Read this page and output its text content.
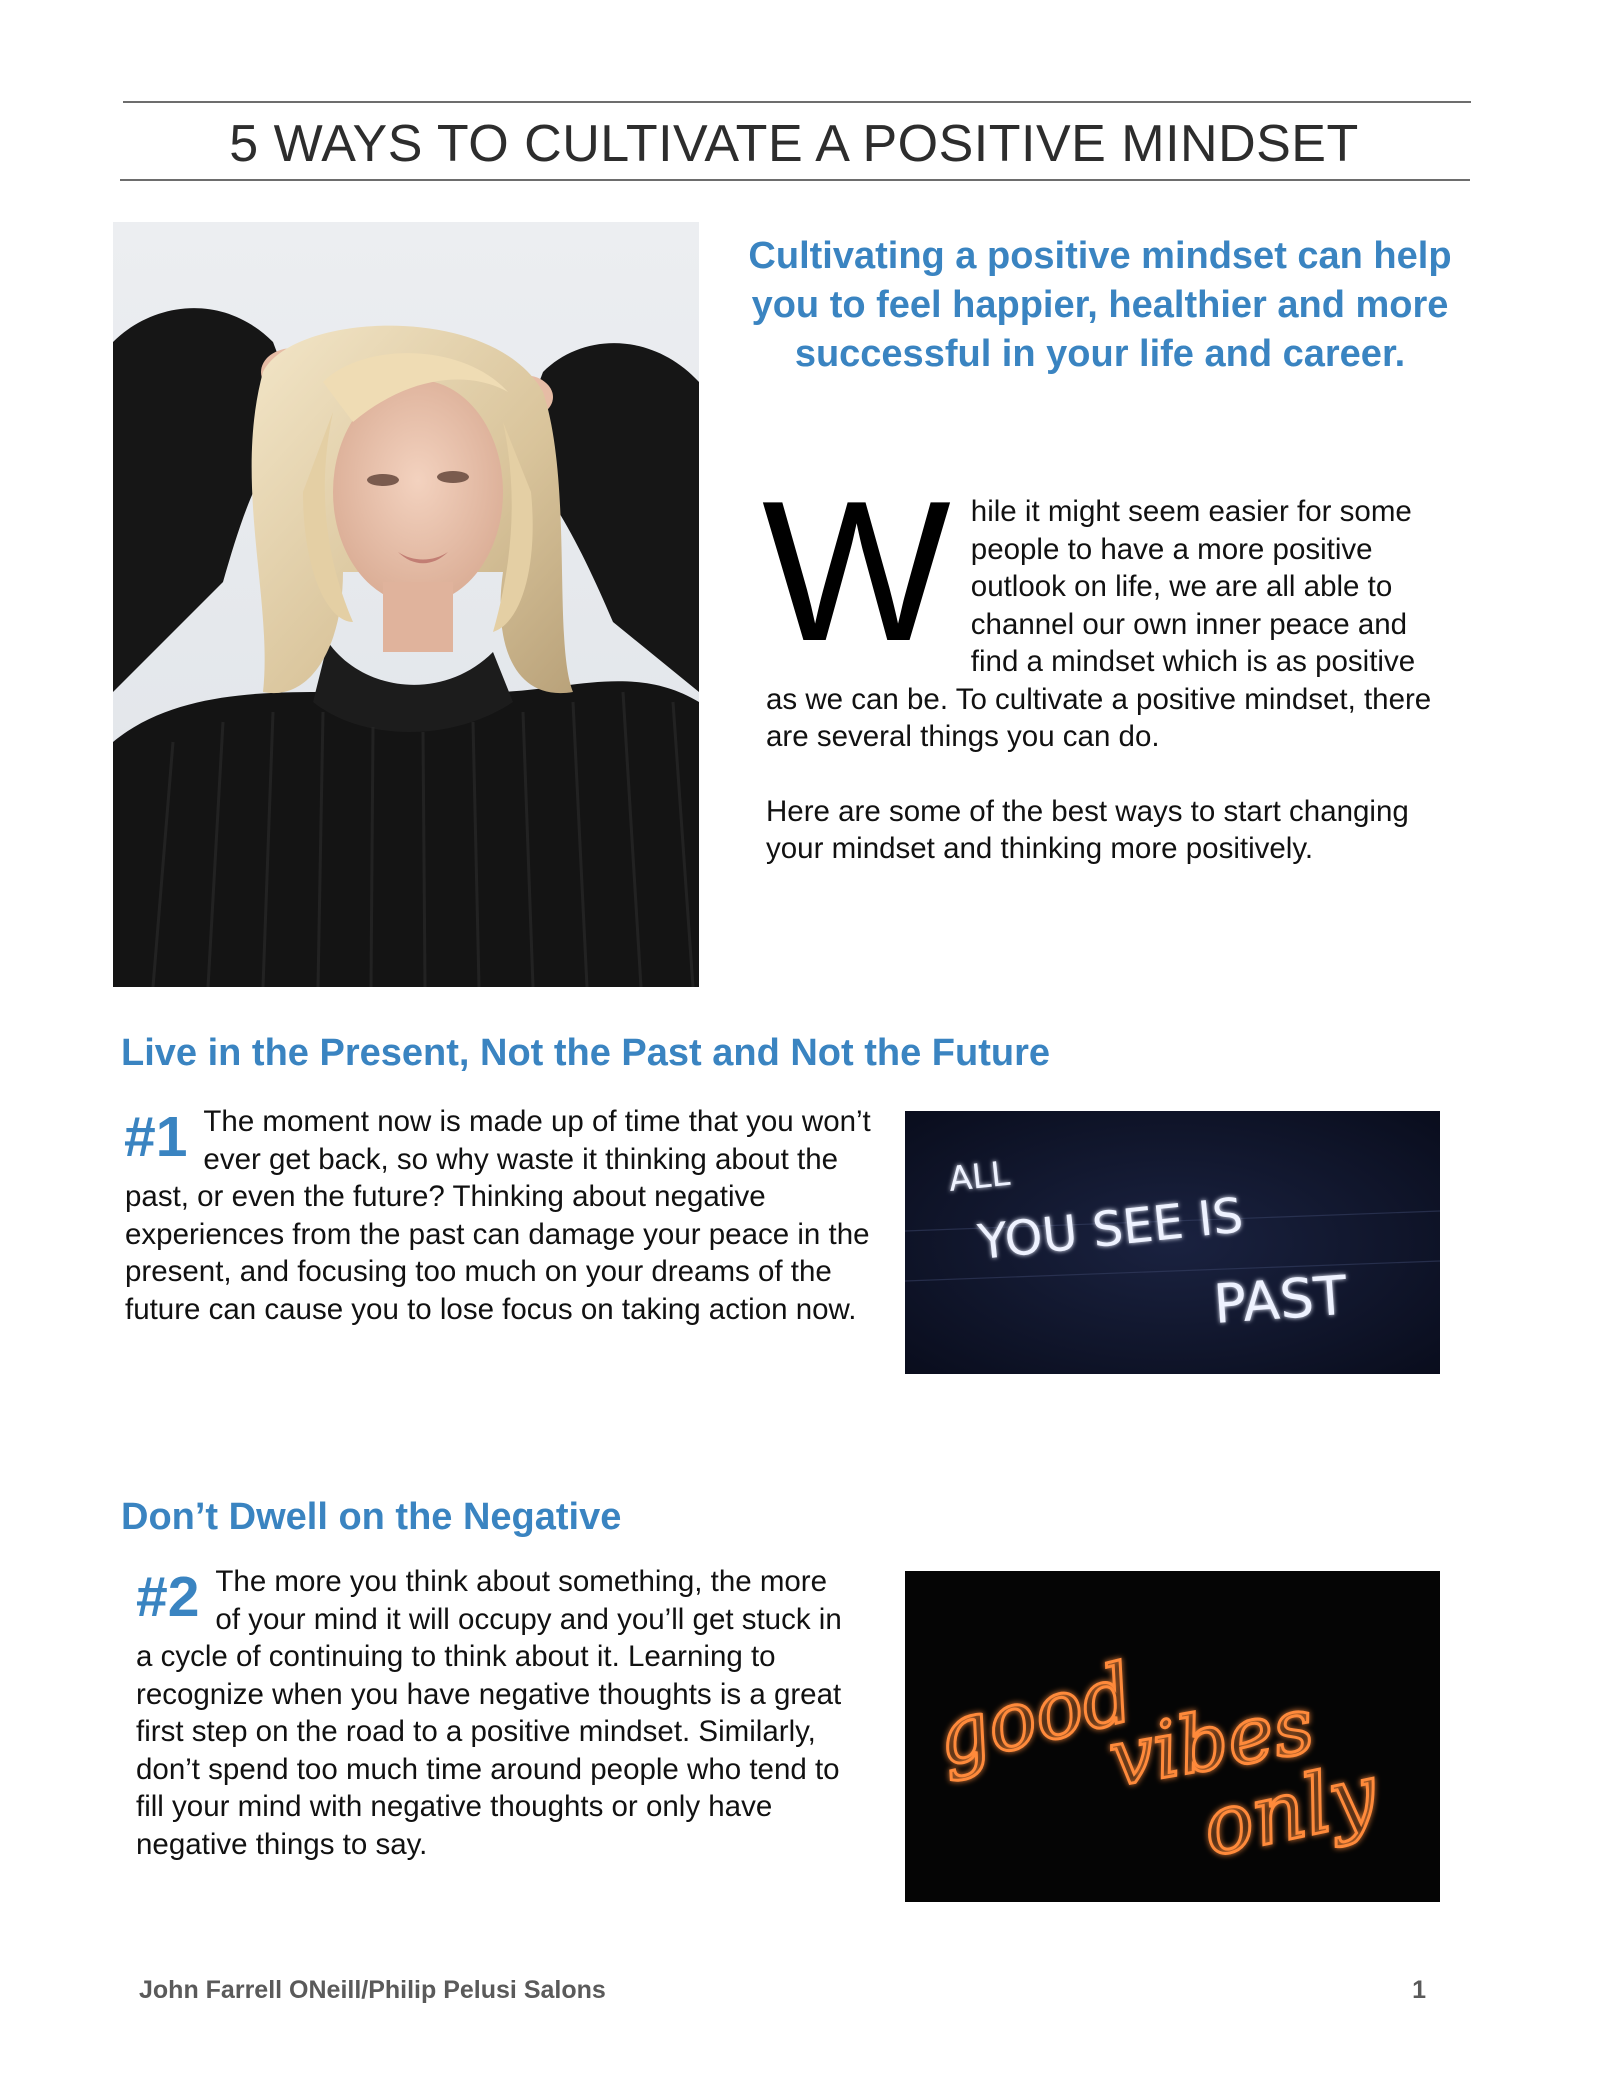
5 WAYS TO CULTIVATE A POSITIVE MINDSET
Cultivating a positive mindset can help you to feel happier, healthier and more successful in your life and career.
W hile it might seem easier for some people to have a more positive outlook on life, we are all able to channel our own inner peace and find a mindset which is as positive as we can be. To cultivate a positive mindset, there are several things you can do.

Here are some of the best ways to start changing your mindset and thinking more positively.

Live in the Present, Not the Past and Not the Future
#1 The moment now is made up of time that you won’t ever get back, so why waste it thinking about the past, or even the future? Thinking about negative experiences from the past can damage your peace in the present, and focusing too much on your dreams of the future can cause you to lose focus on taking action now.

ALL
YOU SEE IS
PAST
Don’t Dwell on the Negative
#2 The more you think about something, the more of your mind it will occupy and you’ll get stuck in a cycle of continuing to think about it. Learning to recognize when you have negative thoughts is a great first step on the road to a positive mindset. Similarly, don’t spend too much time around people who tend to fill your mind with negative thoughts or only have negative things to say.

good
vibes
only
John Farrell ONeill/Philip Pelusi Salons	1
